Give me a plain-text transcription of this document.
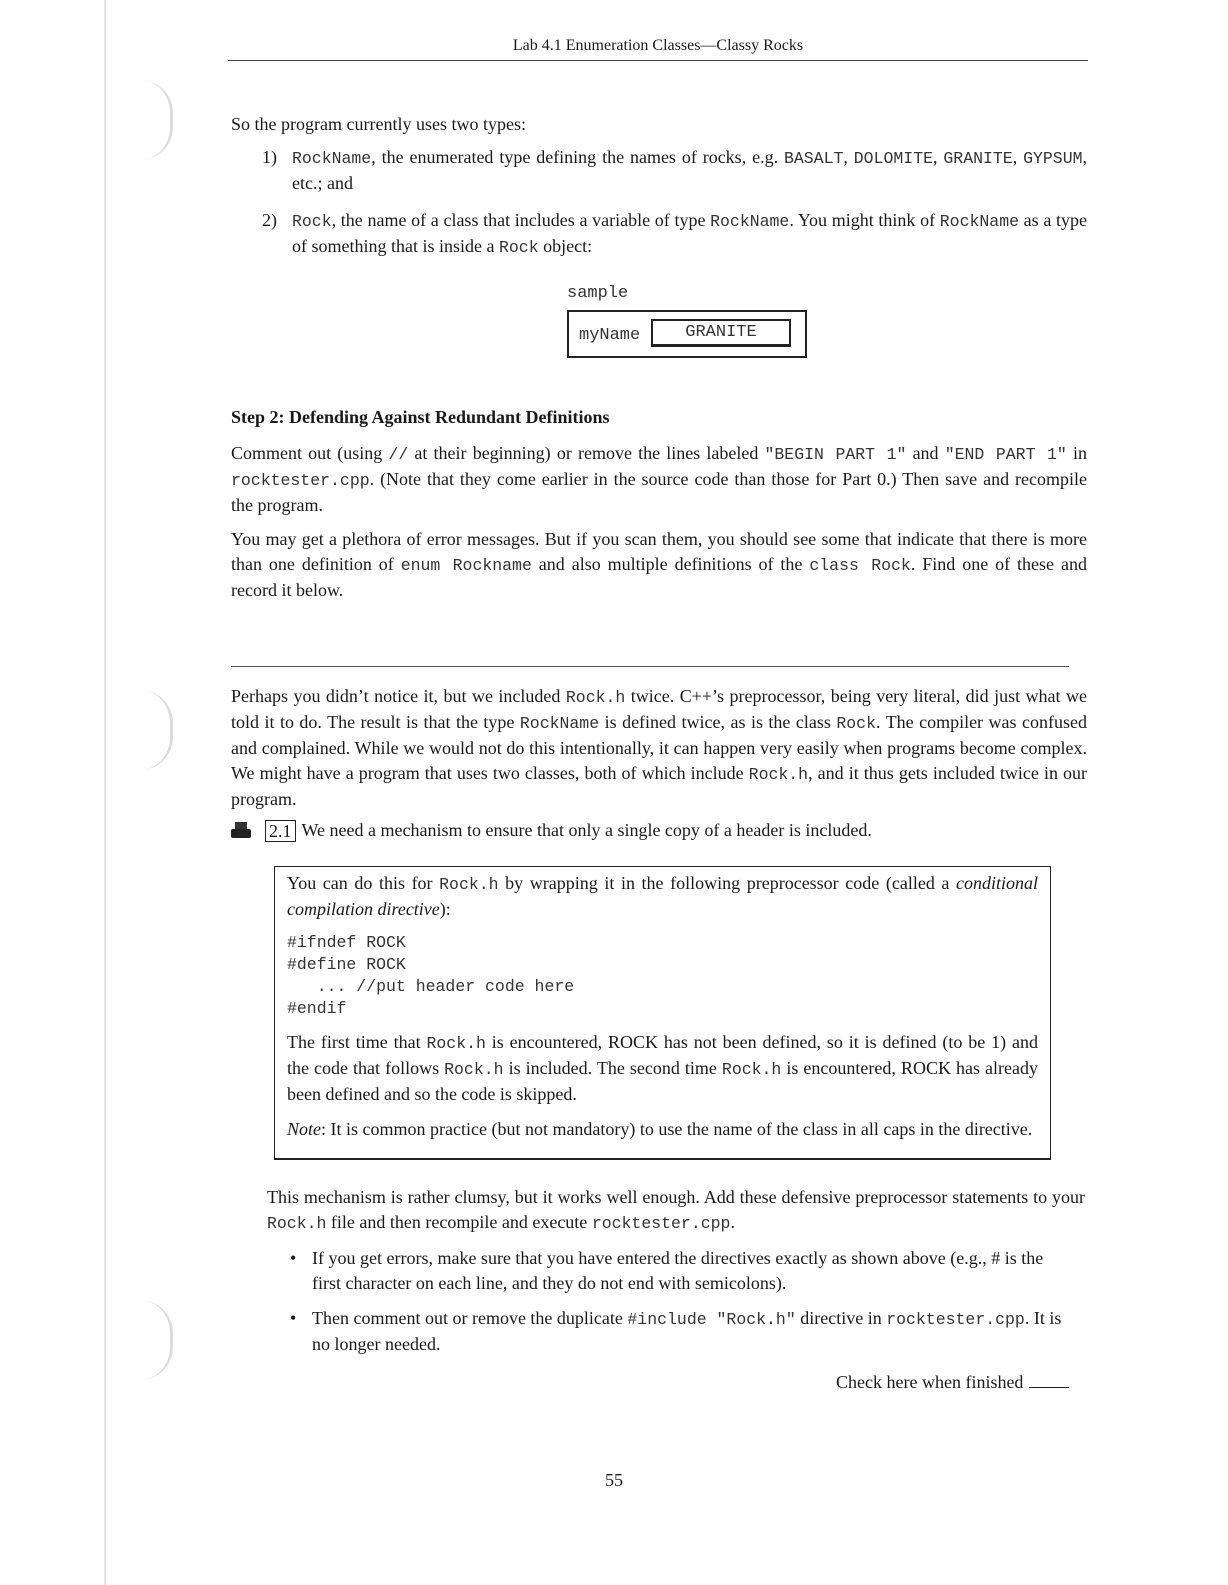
Lab 4.1 Enumeration Classes—Classy Rocks

So the program currently uses two types:

1) RockName, the enumerated type defining the names of rocks, e.g. BASALT, DOLOMITE, GRANITE, GYPSUM, etc.; and
2) Rock, the name of a class that includes a variable of type RockName. You might think of RockName as a type of something that is inside a Rock object:
sample
myName	GRANITE
Step 2: Defending Against Redundant Definitions

Comment out (using // at their beginning) or remove the lines labeled "BEGIN PART 1" and "END PART 1" in rocktester.cpp. (Note that they come earlier in the source code than those for Part 0.) Then save and recompile the program.

You may get a plethora of error messages. But if you scan them, you should see some that indicate that there is more than one definition of enum Rockname and also multiple definitions of the class Rock. Find one of these and record it below.

Perhaps you didn’t notice it, but we included Rock.h twice. C++’s preprocessor, being very literal, did just what we told it to do. The result is that the type RockName is defined twice, as is the class Rock. The compiler was confused and complained. While we would not do this intentionally, it can happen very easily when programs become complex. We might have a program that uses two classes, both of which include Rock.h, and it thus gets included twice in our program.

2.1 We need a mechanism to ensure that only a single copy of a header is included.

You can do this for Rock.h by wrapping it in the following preprocessor code (called a conditional compilation directive):

#ifndef ROCK
#define ROCK
... //put header code here
#endif

The first time that Rock.h is encountered, ROCK has not been defined, so it is defined (to be 1) and the code that follows Rock.h is included. The second time Rock.h is encountered, ROCK has already been defined and so the code is skipped.

Note: It is common practice (but not mandatory) to use the name of the class in all caps in the directive.

This mechanism is rather clumsy, but it works well enough. Add these defensive preprocessor statements to your Rock.h file and then recompile and execute rocktester.cpp.

• If you get errors, make sure that you have entered the directives exactly as shown above (e.g., # is the first character on each line, and they do not end with semicolons).
• Then comment out or remove the duplicate #include "Rock.h" directive in rocktester.cpp. It is no longer needed.
Check here when finished
55
